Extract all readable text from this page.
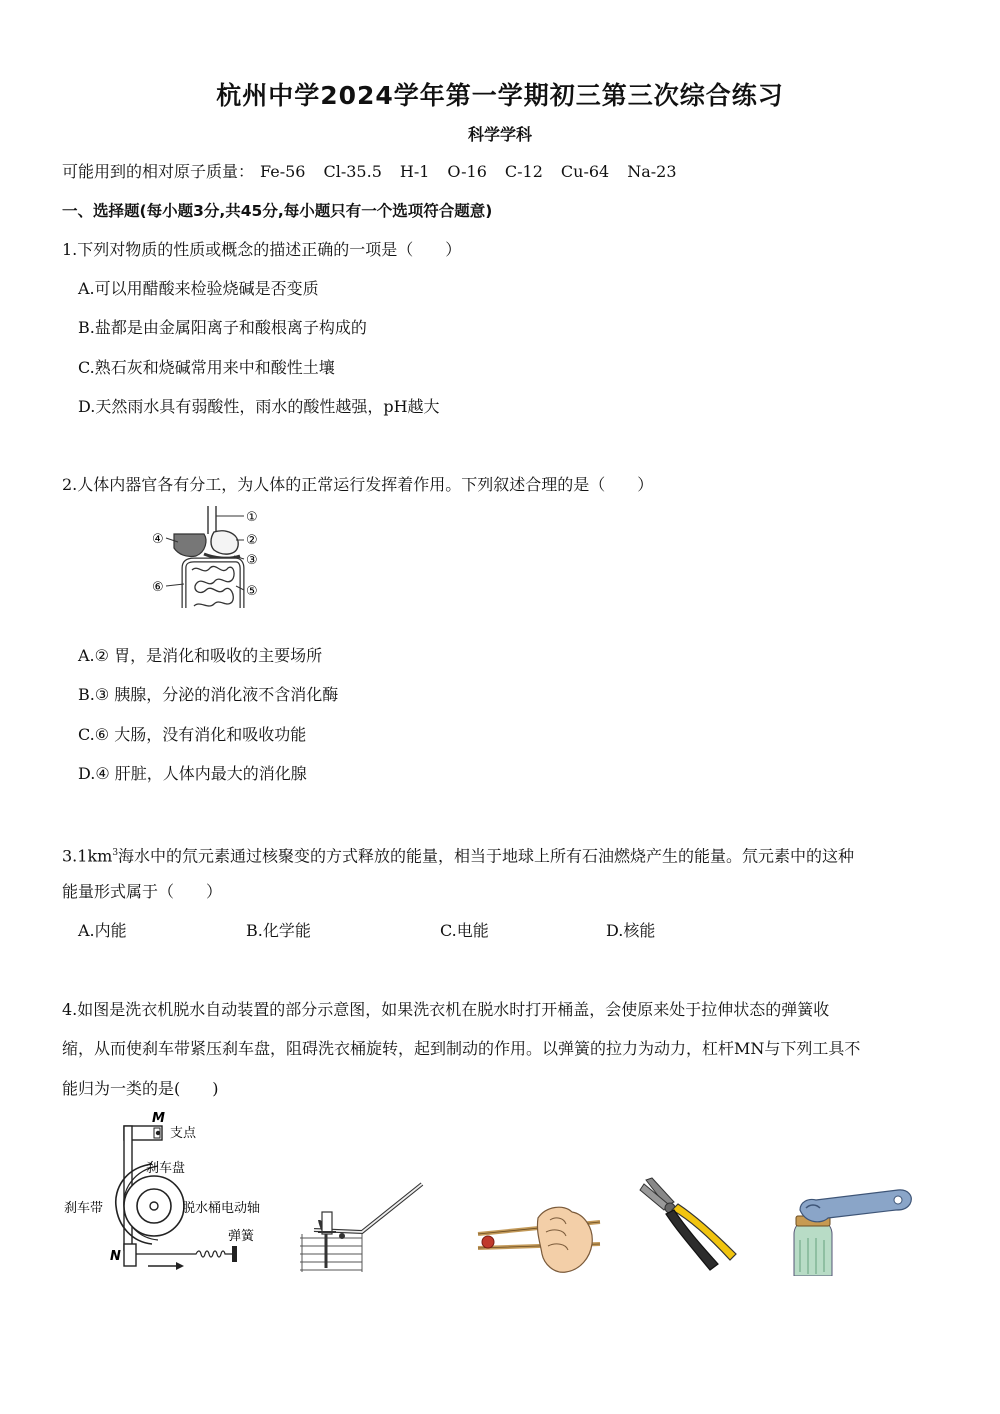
杭州中学2024学年第一学期初三第三次综合练习
科学学科
可能用到的相对原子质量： Fe-56 Cl-35.5 H-1 O-16 C-12 Cu-64 Na-23
一、选择题(每小题3分,共45分,每小题只有一个选项符合题意)
1.下列对物质的性质或概念的描述正确的一项是（　　）
A.可以用醋酸来检验烧碱是否变质
B.盐都是由金属阳离子和酸根离子构成的
C.熟石灰和烧碱常用来中和酸性土壤
D.天然雨水具有弱酸性，雨水的酸性越强，pH越大
2.人体内器官各有分工，为人体的正常运行发挥着作用。下列叙述合理的是（　　）
①
②
③
④
⑤
⑥
A.② 胃，是消化和吸收的主要场所
B.③ 胰腺，分泌的消化液不含消化酶
C.⑥ 大肠，没有消化和吸收功能
D.④ 肝脏，人体内最大的消化腺
$3.1km^3$海水中的氘元素通过核聚变的方式释放的能量，相当于地球上所有石油燃烧产生的能量。氘元素中的这种
能量形式属于（　　）
A.内能	B.化学能	C.电能	D.核能
4.如图是洗衣机脱水自动装置的部分示意图，如果洗衣机在脱水时打开桶盖，会使原来处于拉伸状态的弹簧收
缩，从而使刹车带紧压刹车盘，阻碍洗衣桶旋转，起到制动的作用。以弹簧的拉力为动力，杠杆MN与下列工具不
能归为一类的是(　　)
M
支点
刹车盘
刹车带	脱水桶电动轴
N
弹簧
